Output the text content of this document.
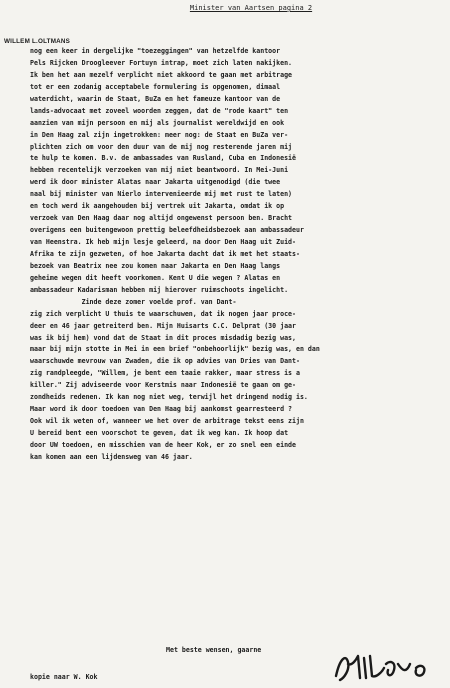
Minister van Aartsen pagina 2
WILLEM L.OLTMANS
nog een keer in dergelijke "toezeggingen" van hetzelfde kantoor
Pels Rijcken Droogleever Fortuyn intrap, moet zich laten nakijken.
Ik ben het aan mezelf verplicht niet akkoord te gaan met arbitrage
tot er een zodanig acceptabele formulering is opgenomen, dimaal
waterdicht, waarin de Staat, BuZa en het fameuze kantoor van de
lands-advocaat met zoveel woorden zeggen, dat de "rode kaart" ten
aanzien van mijn persoon en mij als journalist wereldwijd en ook
in Den Haag zal zijn ingetrokken: meer nog: de Staat en BuZa ver-
plichten zich om voor den duur van de mij nog resterende jaren mij
te hulp te komen. B.v. de ambassades van Rusland, Cuba en Indonesië
hebben recentelijk verzoeken van mij niet beantwoord. In Mei-Juni
werd ik door minister Alatas naar Jakarta uitgenodigd (die twee
naal bij minister van Nierlo intervenieerde mij met rust te laten)
en toch werd ik aangehouden bij vertrek uit Jakarta, omdat ik op
verzoek van Den Haag daar nog altijd ongewenst persoon ben. Bracht
overigens een buitengewoon prettig beleefdheidsbezoek aan ambassadeur
van Heenstra. Ik heb mijn lesje geleerd, na door Den Haag uit Zuid-
Afrika te zijn gezweten, of hoe Jakarta dacht dat ik met het staats-
bezoek van Beatrix nee zou komen naar Jakarta en Den Haag langs
geheime wegen dit heeft voorkomen. Kent U die wegen ? Alatas en
ambassadeur Kadarisman hebben mij hierover ruimschoots ingelicht.
Zinde deze zomer voelde prof. van Dant-
zig zich verplicht U thuis te waarschuwen, dat ik nogen jaar proce-
deer en 46 jaar getreiterd ben. Mijn Huisarts C.C. Delprat (30 jaar
was ik bij hem) vond dat de Staat in dit proces misdadig bezig was,
maar bij mijn stotte in Mei in een brief "onbehoorlijk" bezig was, en dan
waarschuwde mevrouw van Zwaden, die ik op advies van Dries van Dant-
zig randpleegde, "Willem, je bent een taaie rakker, maar stress is a
killer." Zij adviseerde voor Kerstmis naar Indonesië te gaan om ge-
zondheids redenen. Ik kan nog niet weg, terwijl het dringend nodig is.
Maar word ik door toedoen van Den Haag bij aankomst gearresteerd ?
Ook wil ik weten of, wanneer we het over de arbitrage tekst eens zijn
U bereid bent een voorschot te geven, dat ik weg kan. Ik hoop dat
door UW toedoen, en misschien van de heer Kok, er zo snel een einde
kan komen aan een lijdensweg van 46 jaar.
Met beste wensen, gaarne
kopie naar W. Kok
